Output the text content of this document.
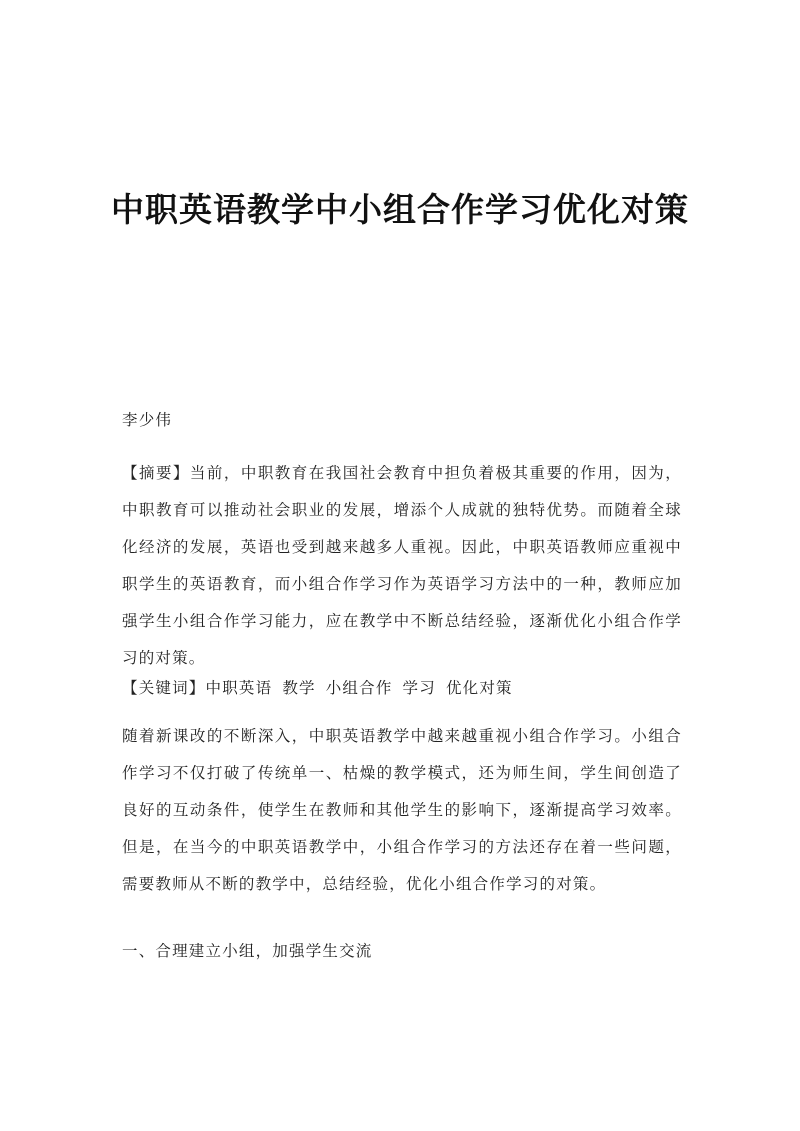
中职英语教学中小组合作学习优化对策
李少伟
【摘要】当前，中职教育在我国社会教育中担负着极其重要的作用，因为，中职教育可以推动社会职业的发展，增添个人成就的独特优势。而随着全球化经济的发展，英语也受到越来越多人重视。因此，中职英语教师应重视中职学生的英语教育，而小组合作学习作为英语学习方法中的一种，教师应加强学生小组合作学习能力，应在教学中不断总结经验，逐渐优化小组合作学习的对策。
【关键词】中职英语 教学 小组合作 学习 优化对策
随着新课改的不断深入，中职英语教学中越来越重视小组合作学习。小组合作学习不仅打破了传统单一、枯燥的教学模式，还为师生间，学生间创造了良好的互动条件，使学生在教师和其他学生的影响下，逐渐提高学习效率。但是，在当今的中职英语教学中，小组合作学习的方法还存在着一些问题，需要教师从不断的教学中，总结经验，优化小组合作学习的对策。
一、合理建立小组，加强学生交流
